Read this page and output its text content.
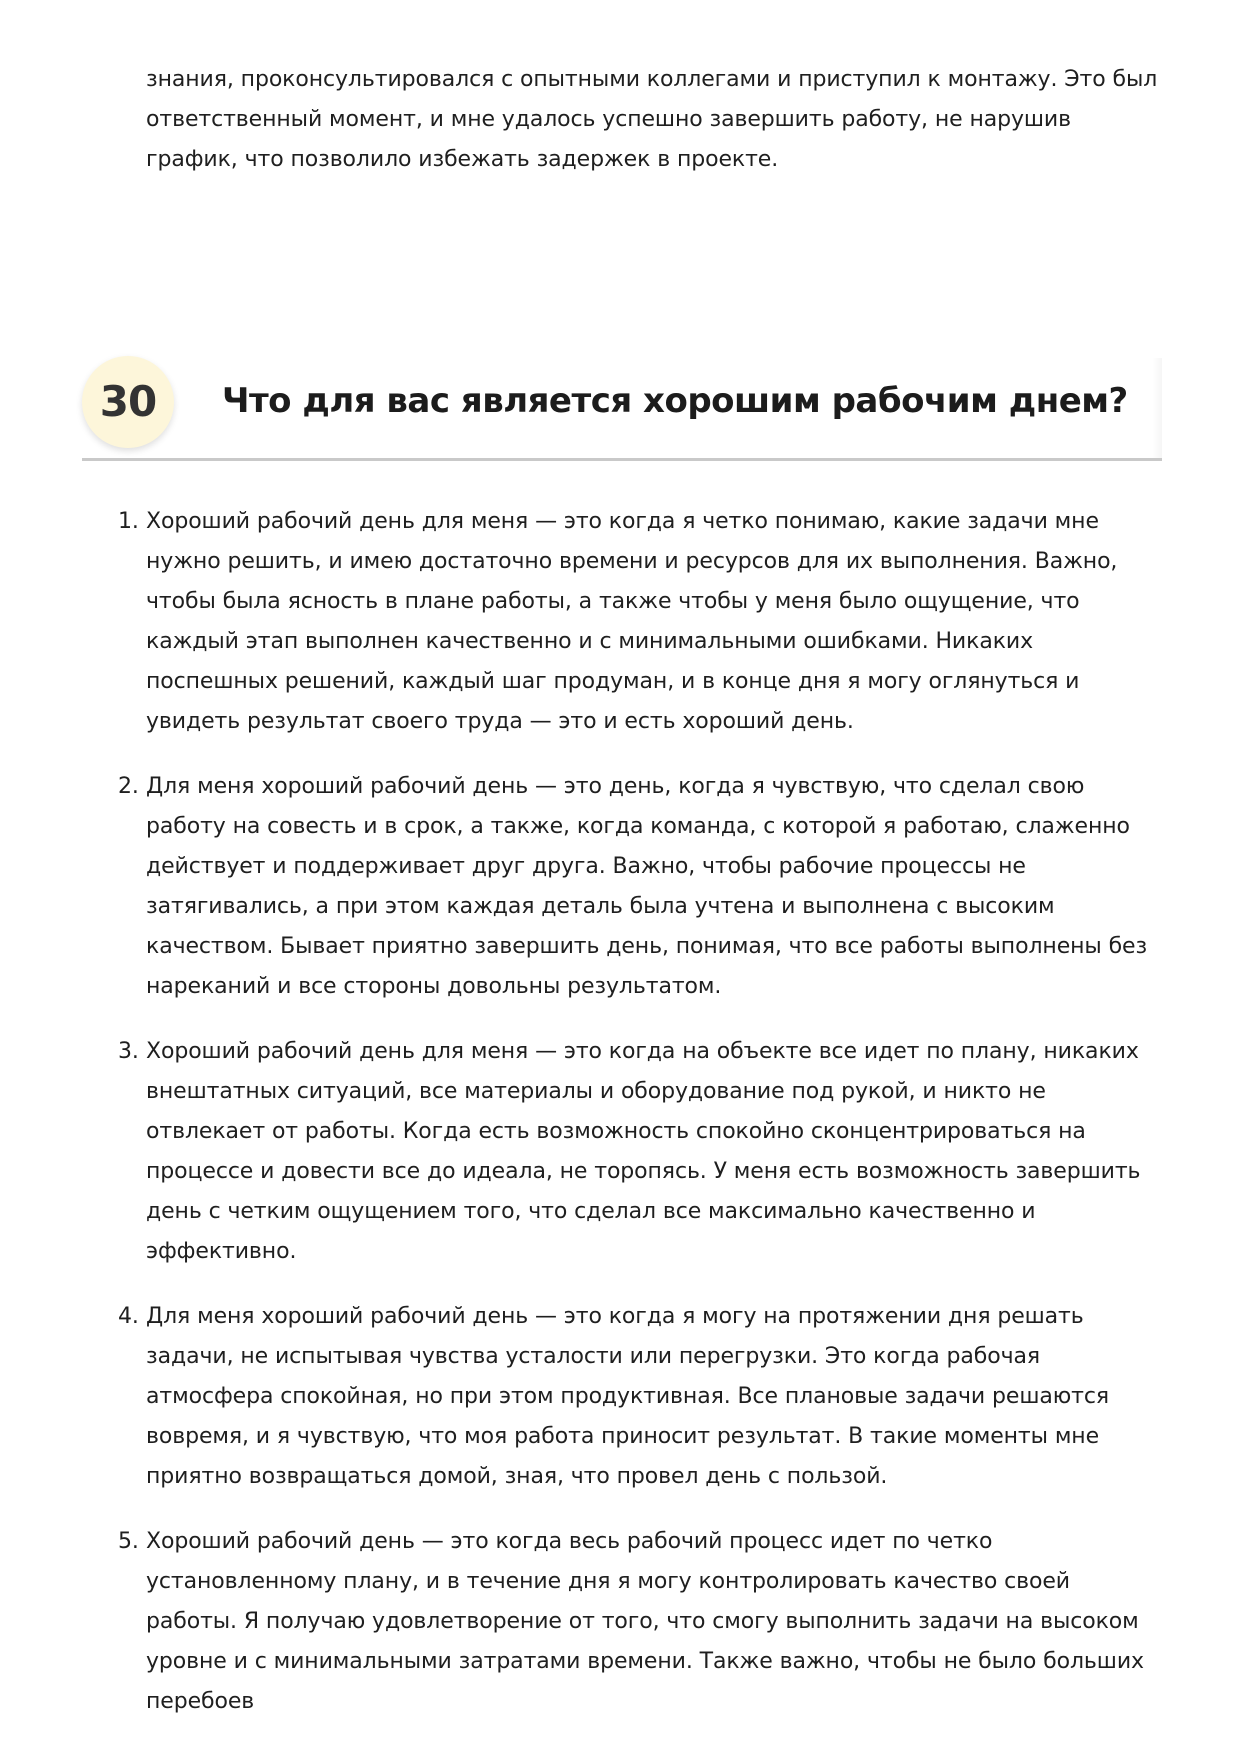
знания, проконсультировался с опытными коллегами и приступил к монтажу. Это был ответственный момент, и мне удалось успешно завершить работу, не нарушив график, что позволило избежать задержек в проекте.

30	Что для вас является хорошим рабочим днем?
1. Хороший рабочий день для меня — это когда я четко понимаю, какие задачи мне нужно решить, и имею достаточно времени и ресурсов для их выполнения. Важно, чтобы была ясность в плане работы, а также чтобы у меня было ощущение, что каждый этап выполнен качественно и с минимальными ошибками. Никаких поспешных решений, каждый шаг продуман, и в конце дня я могу оглянуться и увидеть результат своего труда — это и есть хороший день.
2. Для меня хороший рабочий день — это день, когда я чувствую, что сделал свою работу на совесть и в срок, а также, когда команда, с которой я работаю, слаженно действует и поддерживает друг друга. Важно, чтобы рабочие процессы не затягивались, а при этом каждая деталь была учтена и выполнена с высоким качеством. Бывает приятно завершить день, понимая, что все работы выполнены без нареканий и все стороны довольны результатом.
3. Хороший рабочий день для меня — это когда на объекте все идет по плану, никаких внештатных ситуаций, все материалы и оборудование под рукой, и никто не отвлекает от работы. Когда есть возможность спокойно сконцентрироваться на процессе и довести все до идеала, не торопясь. У меня есть возможность завершить день с четким ощущением того, что сделал все максимально качественно и эффективно.
4. Для меня хороший рабочий день — это когда я могу на протяжении дня решать задачи, не испытывая чувства усталости или перегрузки. Это когда рабочая атмосфера спокойная, но при этом продуктивная. Все плановые задачи решаются вовремя, и я чувствую, что моя работа приносит результат. В такие моменты мне приятно возвращаться домой, зная, что провел день с пользой.
5. Хороший рабочий день — это когда весь рабочий процесс идет по четко установленному плану, и в течение дня я могу контролировать качество своей работы. Я получаю удовлетворение от того, что смогу выполнить задачи на высоком уровне и с минимальными затратами времени. Также важно, чтобы не было больших перебоев
